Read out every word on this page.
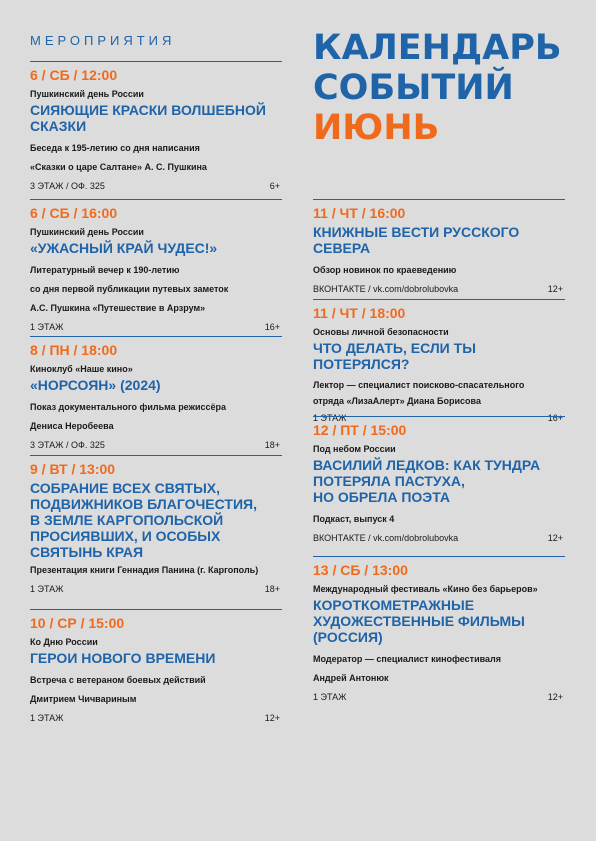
МЕРОПРИЯТИЯ	КАЛЕНДАРЬ
СОБЫТИЙ
ИЮНЬ
6 / СБ / 12:00
Пушкинский день России
СИЯЮЩИЕ КРАСКИ ВОЛШЕБНОЙ
СКАЗКИ
Беседа к 195-летию со дня написания
«Сказки о царе Салтане» А. С. Пушкина
3 ЭТАЖ / ОФ. 325	6+
6 / СБ / 16:00
Пушкинский день России
«УЖАСНЫЙ КРАЙ ЧУДЕС!»
Литературный вечер к 190-летию
со дня первой публикации путевых заметок
А.С. Пушкина «Путешествие в Арзрум»
1 ЭТАЖ	16+
8 / ПН / 18:00
Киноклуб «Наше кино»
«НОРСОЯН» (2024)
Показ документального фильма режиссёра
Дениса Неробеева
3 ЭТАЖ / ОФ. 325	18+
9 / ВТ / 13:00
СОБРАНИЕ ВСЕХ СВЯТЫХ,
ПОДВИЖНИКОВ БЛАГОЧЕСТИЯ,
В ЗЕМЛЕ КАРГОПОЛЬСКОЙ
ПРОСИЯВШИХ, И ОСОБЫХ
СВЯТЫНЬ КРАЯ
Презентация книги Геннадия Панина (г. Каргополь)
1 ЭТАЖ	18+
10 / СР / 15:00
Ко Дню России
ГЕРОИ НОВОГО ВРЕМЕНИ
Встреча с ветераном боевых действий
Дмитрием Чичвариным
1 ЭТАЖ	12+
11 / ЧТ / 16:00
КНИЖНЫЕ ВЕСТИ РУССКОГО
СЕВЕРА
Обзор новинок по краеведению
ВКОНТАКТЕ / vk.com/dobrolubovka	12+
11 / ЧТ / 18:00
Основы личной безопасности
ЧТО ДЕЛАТЬ, ЕСЛИ ТЫ ПОТЕРЯЛСЯ?
Лектор — специалист поисково-спасательного
отряда «ЛизаАлерт» Диана Борисова
1 ЭТАЖ	16+
12 / ПТ / 15:00
Под небом России
ВАСИЛИЙ ЛЕДКОВ: КАК ТУНДРА
ПОТЕРЯЛА ПАСТУХА,
НО ОБРЕЛА ПОЭТА
Подкаст, выпуск 4
ВКОНТАКТЕ / vk.com/dobrolubovka	12+
13 / СБ / 13:00
Международный фестиваль «Кино без барьеров»
КОРОТКОМЕТРАЖНЫЕ
ХУДОЖЕСТВЕННЫЕ ФИЛЬМЫ
(РОССИЯ)
Модератор — специалист кинофестиваля
Андрей Антонюк
1 ЭТАЖ	12+
